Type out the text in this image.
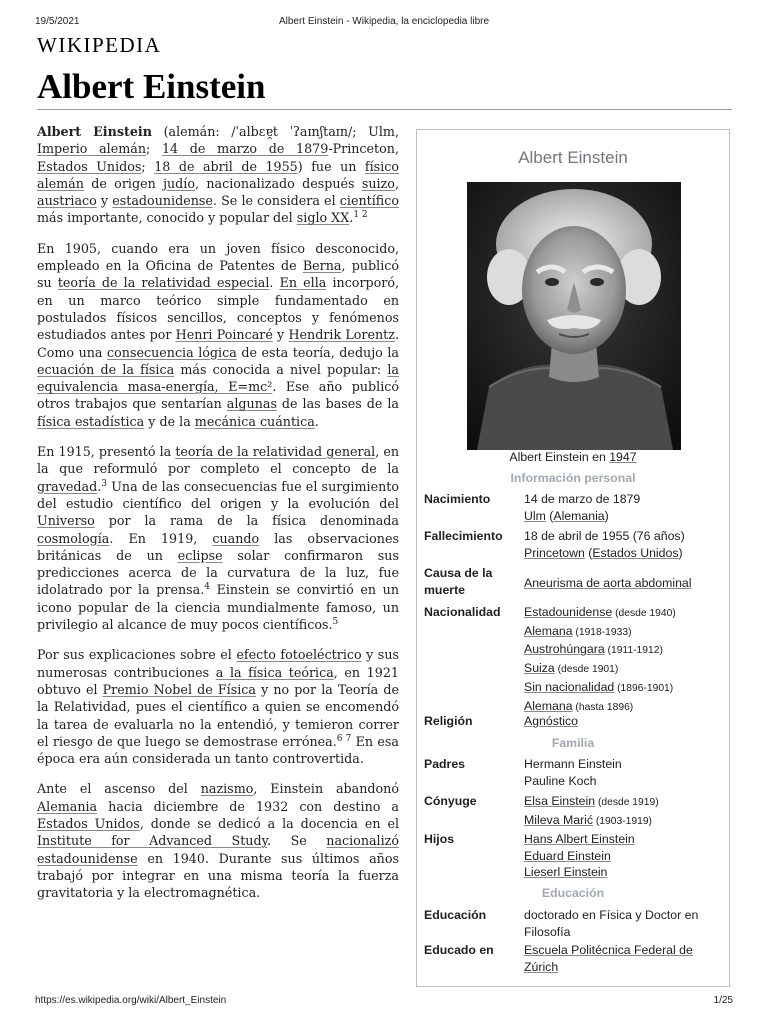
19/5/2021	Albert Einstein - Wikipedia, la enciclopedia libre
WIKIPEDIA
Albert Einstein

Albert Einstein (alemán: /ˈalbɛɐ̯t ˈʔaɪnʃtaɪn/; Ulm, Imperio alemán; 14 de marzo de 1879-Princeton, Estados Unidos; 18 de abril de 1955) fue un físico alemán de origen judío, nacionalizado después suizo, austriaco y estadounidense. Se le considera el científico más importante, conocido y popular del siglo XX.$^{1 2}$

En 1905, cuando era un joven físico desconocido, empleado en la Oficina de Patentes de Berna, publicó su teoría de la relatividad especial. En ella incorporó, en un marco teórico simple fundamentado en postulados físicos sencillos, conceptos y fenómenos estudiados antes por Henri Poincaré y Hendrik Lorentz. Como una consecuencia lógica de esta teoría, dedujo la ecuación de la física más conocida a nivel popular: la equivalencia masa-energía, E=mc². Ese año publicó otros trabajos que sentarían algunas de las bases de la física estadística y de la mecánica cuántica.

En 1915, presentó la teoría de la relatividad general, en la que reformuló por completo el concepto de la gravedad.$^3$ Una de las consecuencias fue el surgimiento del estudio científico del origen y la evolución del Universo por la rama de la física denominada cosmología. En 1919, cuando las observaciones británicas de un eclipse solar confirmaron sus predicciones acerca de la curvatura de la luz, fue idolatrado por la prensa.$^4$ Einstein se convirtió en un icono popular de la ciencia mundialmente famoso, un privilegio al alcance de muy pocos científicos.$^5$

Por sus explicaciones sobre el efecto fotoeléctrico y sus numerosas contribuciones a la física teórica, en 1921 obtuvo el Premio Nobel de Física y no por la Teoría de la Relatividad, pues el científico a quien se encomendó la tarea de evaluarla no la entendió, y temieron correr el riesgo de que luego se demostrase errónea.$^{6 7}$ En esa época era aún considerada un tanto controvertida.

Ante el ascenso del nazismo, Einstein abandonó Alemania hacia diciembre de 1932 con destino a Estados Unidos, donde se dedicó a la docencia en el Institute for Advanced Study. Se nacionalizó estadounidense en 1940. Durante sus últimos años trabajó por integrar en una misma teoría la fuerza gravitatoria y la electromagnética.

Albert Einstein
Albert Einstein en 1947
Información personal
Nacimiento	14 de marzo de 1879
Ulm (Alemania)
Fallecimiento	18 de abril de 1955 (76 años)
Princetown (Estados Unidos)
Causa de la muerte	Aneurisma de aorta abdominal
Nacionalidad	Estadounidense (desde 1940)
Alemana (1918-1933)
Austrohúngara (1911-1912)
Suiza (desde 1901)
Sin nacionalidad (1896-1901)
Alemana (hasta 1896)
Religión	Agnóstico
Familia
Padres	Hermann Einstein
Pauline Koch
Cónyuge	Elsa Einstein (desde 1919)
Mileva Marić (1903-1919)
Hijos	Hans Albert Einstein
Eduard Einstein
Lieserl Einstein
Educación
Educación	doctorado en Física y Doctor en Filosofía
Educado en	Escuela Politécnica Federal de Zúrich
https://es.wikipedia.org/wiki/Albert_Einstein	1/25
